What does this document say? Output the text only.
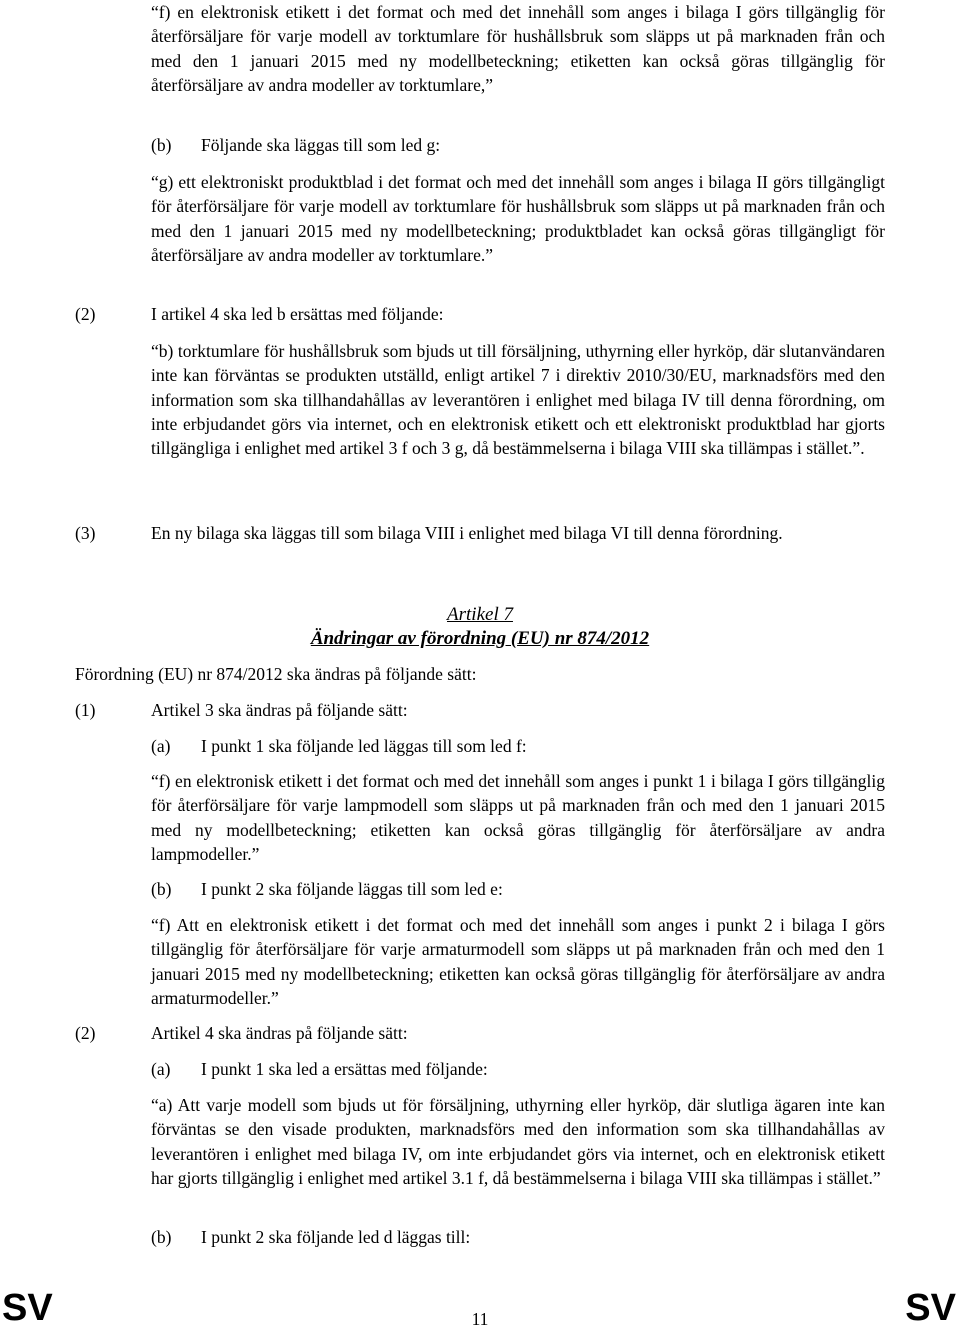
“f) en elektronisk etikett i det format och med det innehåll som anges i bilaga I görs tillgänglig för återförsäljare för varje modell av torktumlare för hushållsbruk som släpps ut på marknaden från och med den 1 januari 2015 med ny modellbeteckning; etiketten kan också göras tillgänglig för återförsäljare av andra modeller av torktumlare,”
(b) Följande ska läggas till som led g:
“g) ett elektroniskt produktblad i det format och med det innehåll som anges i bilaga II görs tillgängligt för återförsäljare för varje modell av torktumlare för hushållsbruk som släpps ut på marknaden från och med den 1 januari 2015 med ny modellbeteckning; produktbladet kan också göras tillgängligt för återförsäljare av andra modeller av torktumlare.”
(2)	I artikel 4 ska led b ersättas med följande:
“b) torktumlare för hushållsbruk som bjuds ut till försäljning, uthyrning eller hyrköp, där slutanvändaren inte kan förväntas se produkten utställd, enligt artikel 7 i direktiv 2010/30/EU, marknadsförs med den information som ska tillhandahållas av leverantören i enlighet med bilaga IV till denna förordning, om inte erbjudandet görs via internet, och en elektronisk etikett och ett elektroniskt produktblad har gjorts tillgängliga i enlighet med artikel 3 f och 3 g, då bestämmelserna i bilaga VIII ska tillämpas i stället.”.
(3)	En ny bilaga ska läggas till som bilaga VIII i enlighet med bilaga VI till denna förordning.
Artikel 7
Ändringar av förordning (EU) nr 874/2012
Förordning (EU) nr 874/2012 ska ändras på följande sätt:
(1)	Artikel 3 ska ändras på följande sätt:
(a) I punkt 1 ska följande led läggas till som led f:
“f) en elektronisk etikett i det format och med det innehåll som anges i punkt 1 i bilaga I görs tillgänglig för återförsäljare för varje lampmodell som släpps ut på marknaden från och med den 1 januari 2015 med ny modellbeteckning; etiketten kan också göras tillgänglig för återförsäljare av andra lampmodeller.”
(b) I punkt 2 ska följande läggas till som led e:
“f) Att en elektronisk etikett i det format och med det innehåll som anges i punkt 2 i bilaga I görs tillgänglig för återförsäljare för varje armaturmodell som släpps ut på marknaden från och med den 1 januari 2015 med ny modellbeteckning; etiketten kan också göras tillgänglig för återförsäljare av andra armaturmodeller.”
(2)	Artikel 4 ska ändras på följande sätt:
(a) I punkt 1 ska led a ersättas med följande:
“a) Att varje modell som bjuds ut för försäljning, uthyrning eller hyrköp, där slutliga ägaren inte kan förväntas se den visade produkten, marknadsförs med den information som ska tillhandahållas av leverantören i enlighet med bilaga IV, om inte erbjudandet görs via internet, och en elektronisk etikett har gjorts tillgänglig i enlighet med artikel 3.1 f, då bestämmelserna i bilaga VIII ska tillämpas i stället.”
(b) I punkt 2 ska följande led d läggas till:
SV	11	SV
